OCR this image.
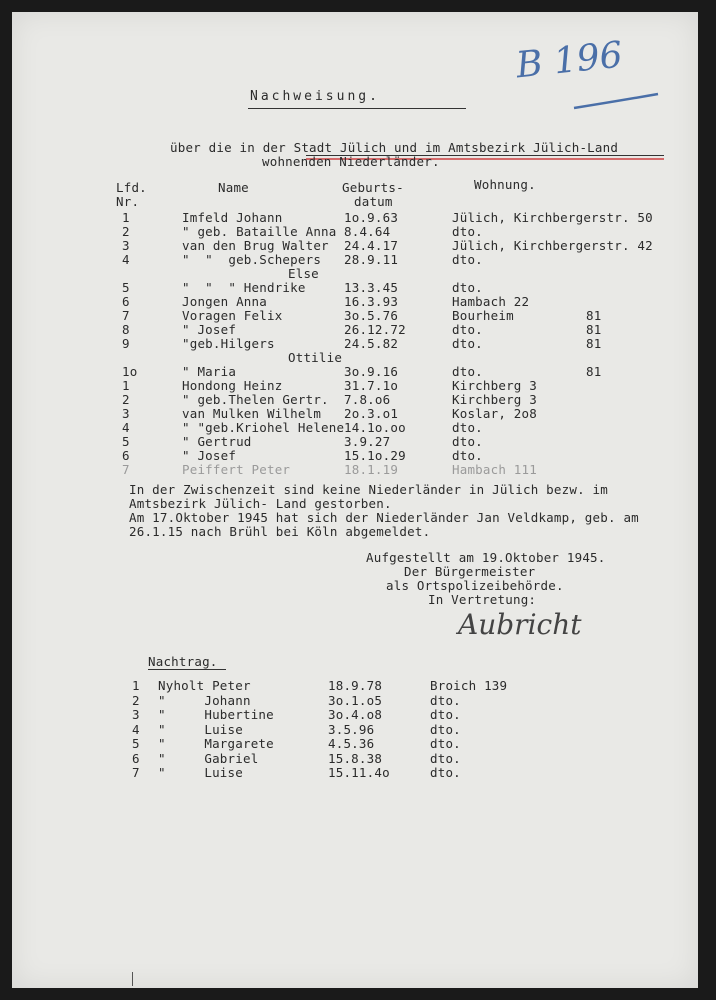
B 196
Nachweisung.
über die in der Stadt Jülich und im Amtsbezirk Jülich-Land
wohnenden Niederländer.
Lfd.
Nr.
Name	Geburts-
datum
Wohnung.
1	Imfeld Johann	1o.9.63	Jülich, Kirchbergerstr. 50
2	" geb. Bataille Anna 8.4.64	dto.
3	van den Brug Walter 24.4.17	Jülich, Kirchbergerstr. 42
4	"  "  geb.Schepers 28.9.11	dto.
Else
5	"  "  " Hendrike	13.3.45	dto.
6	Jongen Anna	16.3.93	Hambach 22
7	Voragen Felix	3o.5.76	Bourheim	81
8	" Josef	26.12.72	dto.	81
9	"geb.Hilgers	24.5.82	dto.	81
Ottilie
1o	" Maria	3o.9.16	dto.	81
1	Hondong Heinz	31.7.1o	Kirchberg 3
2	" geb.Thelen Gertr. 7.8.o6	Kirchberg 3
3	van Mulken Wilhelm 2o.3.o1	Koslar, 2o8
4	" "geb.Kriohel Helene 14.1o.oo	dto.
5	" Gertrud	3.9.27	dto.
6	" Josef	15.1o.29	dto.
7	Peiffert Peter	18.1.19	Hambach 111
In der Zwischenzeit sind keine Niederländer in Jülich bezw. im
Amtsbezirk Jülich- Land gestorben.
Am 17.Oktober 1945 hat sich der Niederländer Jan Veldkamp, geb. am
26.1.15 nach Brühl bei Köln abgemeldet.
Aufgestellt am 19.Oktober 1945.
Der Bürgermeister
als Ortspolizeibehörde.
In Vertretung:
Aubricht
Nachtrag.
1 Nyholt Peter	18.9.78	Broich 139
2 "     Johann	3o.1.o5	dto.
3 "     Hubertine	3o.4.o8	dto.
4 "     Luise	3.5.96	dto.
5 "     Margarete	4.5.36	dto.
6 "     Gabriel	15.8.38	dto.
7 "     Luise	15.11.4o	dto.
